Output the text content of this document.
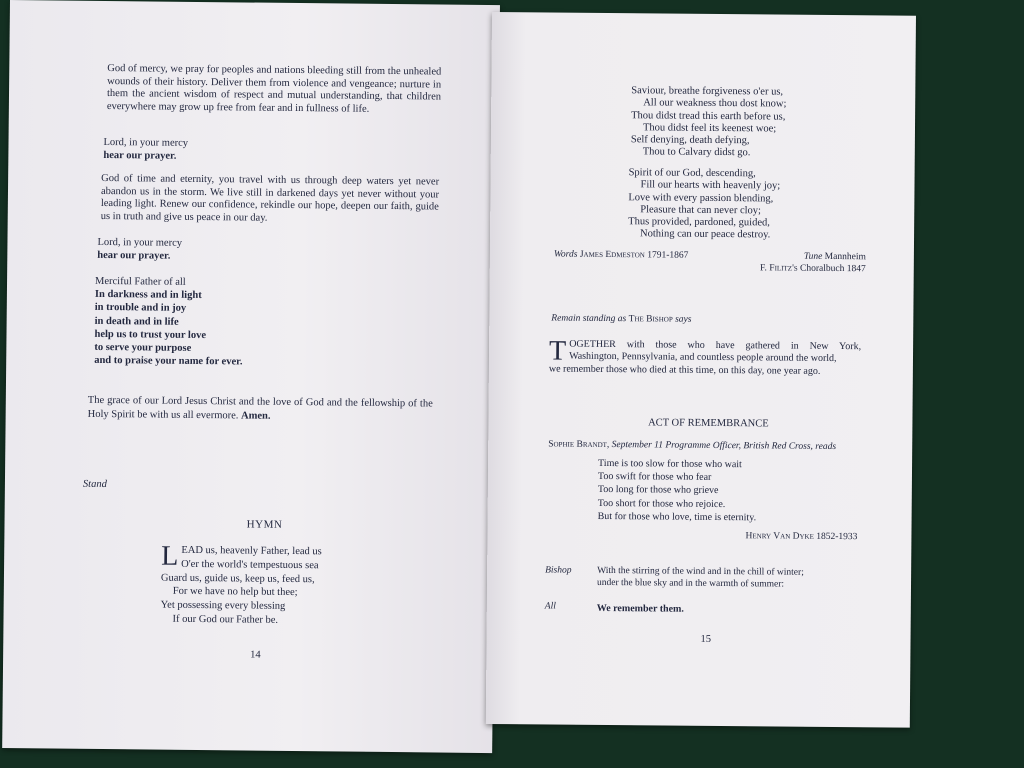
God of mercy, we pray for peoples and nations bleeding still from the unhealed wounds of their history. Deliver them from violence and vengeance; nurture in them the ancient wisdom of respect and mutual understanding, that children everywhere may grow up free from fear and in fullness of life.
Lord, in your mercy
hear our prayer.
God of time and eternity, you travel with us through deep waters yet never abandon us in the storm. We live still in darkened days yet never without your leading light. Renew our confidence, rekindle our hope, deepen our faith, guide us in truth and give us peace in our day.
Lord, in your mercy
hear our prayer.
Merciful Father of all
In darkness and in light
in trouble and in joy
in death and in life
help us to trust your love
to serve your purpose
and to praise your name for ever.
The grace of our Lord Jesus Christ and the love of God and the fellowship of the Holy Spirit be with us all evermore. Amen.
Stand
HYMN
L EAD us, heavenly Father, lead us
O'er the world's tempestuous sea
Guard us, guide us, keep us, feed us,
For we have no help but thee;
Yet possessing every blessing
If our God our Father be.
14
Saviour, breathe forgiveness o'er us,
All our weakness thou dost know;
Thou didst tread this earth before us,
Thou didst feel its keenest woe;
Self denying, death defying,
Thou to Calvary didst go.
Spirit of our God, descending,
Fill our hearts with heavenly joy;
Love with every passion blending,
Pleasure that can never cloy;
Thus provided, pardoned, guided,
Nothing can our peace destroy.
Words James Edmeston 1791-1867	Tune Mannheim
F. Filitz's Choralbuch 1847
Remain standing as The Bishop says
T OGETHER with those who have gathered in New York,
Washington, Pennsylvania, and countless people around the world,
we remember those who died at this time, on this day, one year ago.
ACT OF REMEMBRANCE
Sophie Brandt, September 11 Programme Officer, British Red Cross, reads
Time is too slow for those who wait
Too swift for those who fear
Too long for those who grieve
Too short for those who rejoice.
But for those who love, time is eternity.
Henry Van Dyke 1852-1933
Bishop	With the stirring of the wind and in the chill of winter;
under the blue sky and in the warmth of summer:
All	We remember them.
15
